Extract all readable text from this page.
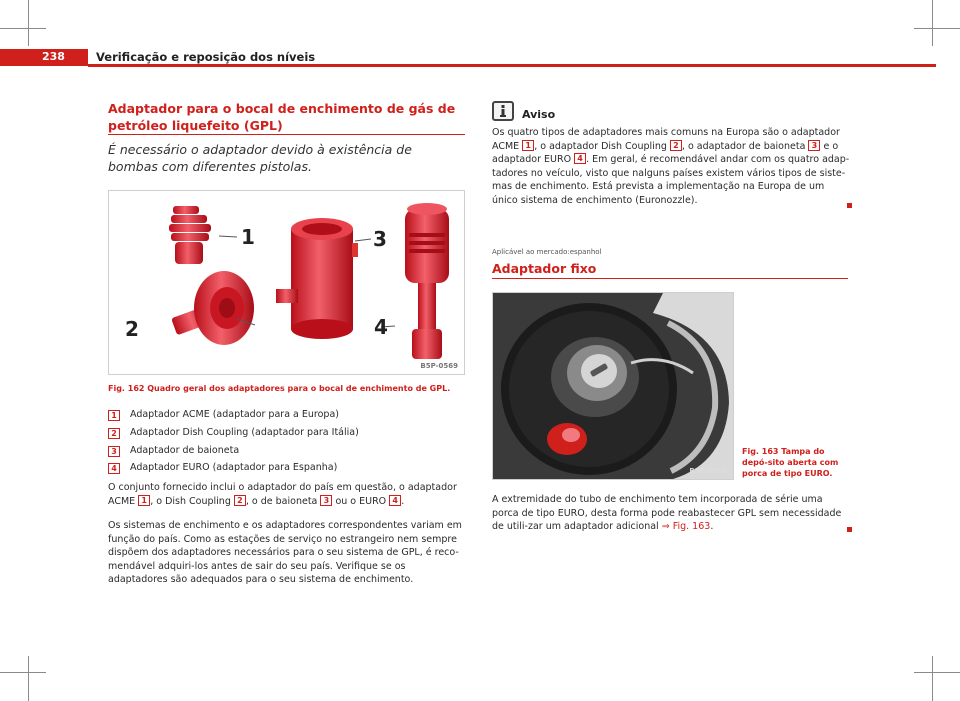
238	Verificação e reposição dos níveis
Adaptador para o bocal de enchimento de gás de petróleo liquefeito (GPL)
É necessário o adaptador devido à existência de bombas com diferentes pistolas.
1
2
3
4
B5P-0569
Fig. 162 Quadro geral dos adaptadores para o bocal de enchimento de GPL.
1	Adaptador ACME (adaptador para a Europa)
2	Adaptador Dish Coupling (adaptador para Itália)
3	Adaptador de baioneta
4	Adaptador EURO (adaptador para Espanha)
O conjunto fornecido inclui o adaptador do país em questão, o adaptador
ACME 1 , o Dish Coupling 2 , o de baioneta 3 ou o EURO 4 .
Os sistemas de enchimento e os adaptadores correspondentes variam em função do país. Como as estações de serviço no estrangeiro nem sempre dispõem dos adaptadores necessários para o seu sistema de GPL, é reco-mendável adquiri-los antes de sair do seu país. Verifique se os adaptadores são adequados para o seu sistema de enchimento.
Aviso
Os quatro tipos de adaptadores mais comuns na Europa são o adaptador
ACME 1 , o adaptador Dish Coupling 2 , o adaptador de baioneta 3 e o
adaptador EURO 4 . Em geral, é recomendável andar com os quatro adap-tadores no veículo, visto que nalguns países existem vários tipos de siste-mas de enchimento. Está prevista a implementação na Europa de um único sistema de enchimento (Euronozzle).
Aplicável ao mercado:espanhol
Adaptador fixo
B5P-0656
Fig. 163 Tampa do depó-sito aberta com porca de tipo EURO.
A extremidade do tubo de enchimento tem incorporada de série uma porca de tipo EURO, desta forma pode reabastecer GPL sem necessidade de utili-zar um adaptador adicional ⇒ Fig. 163.
